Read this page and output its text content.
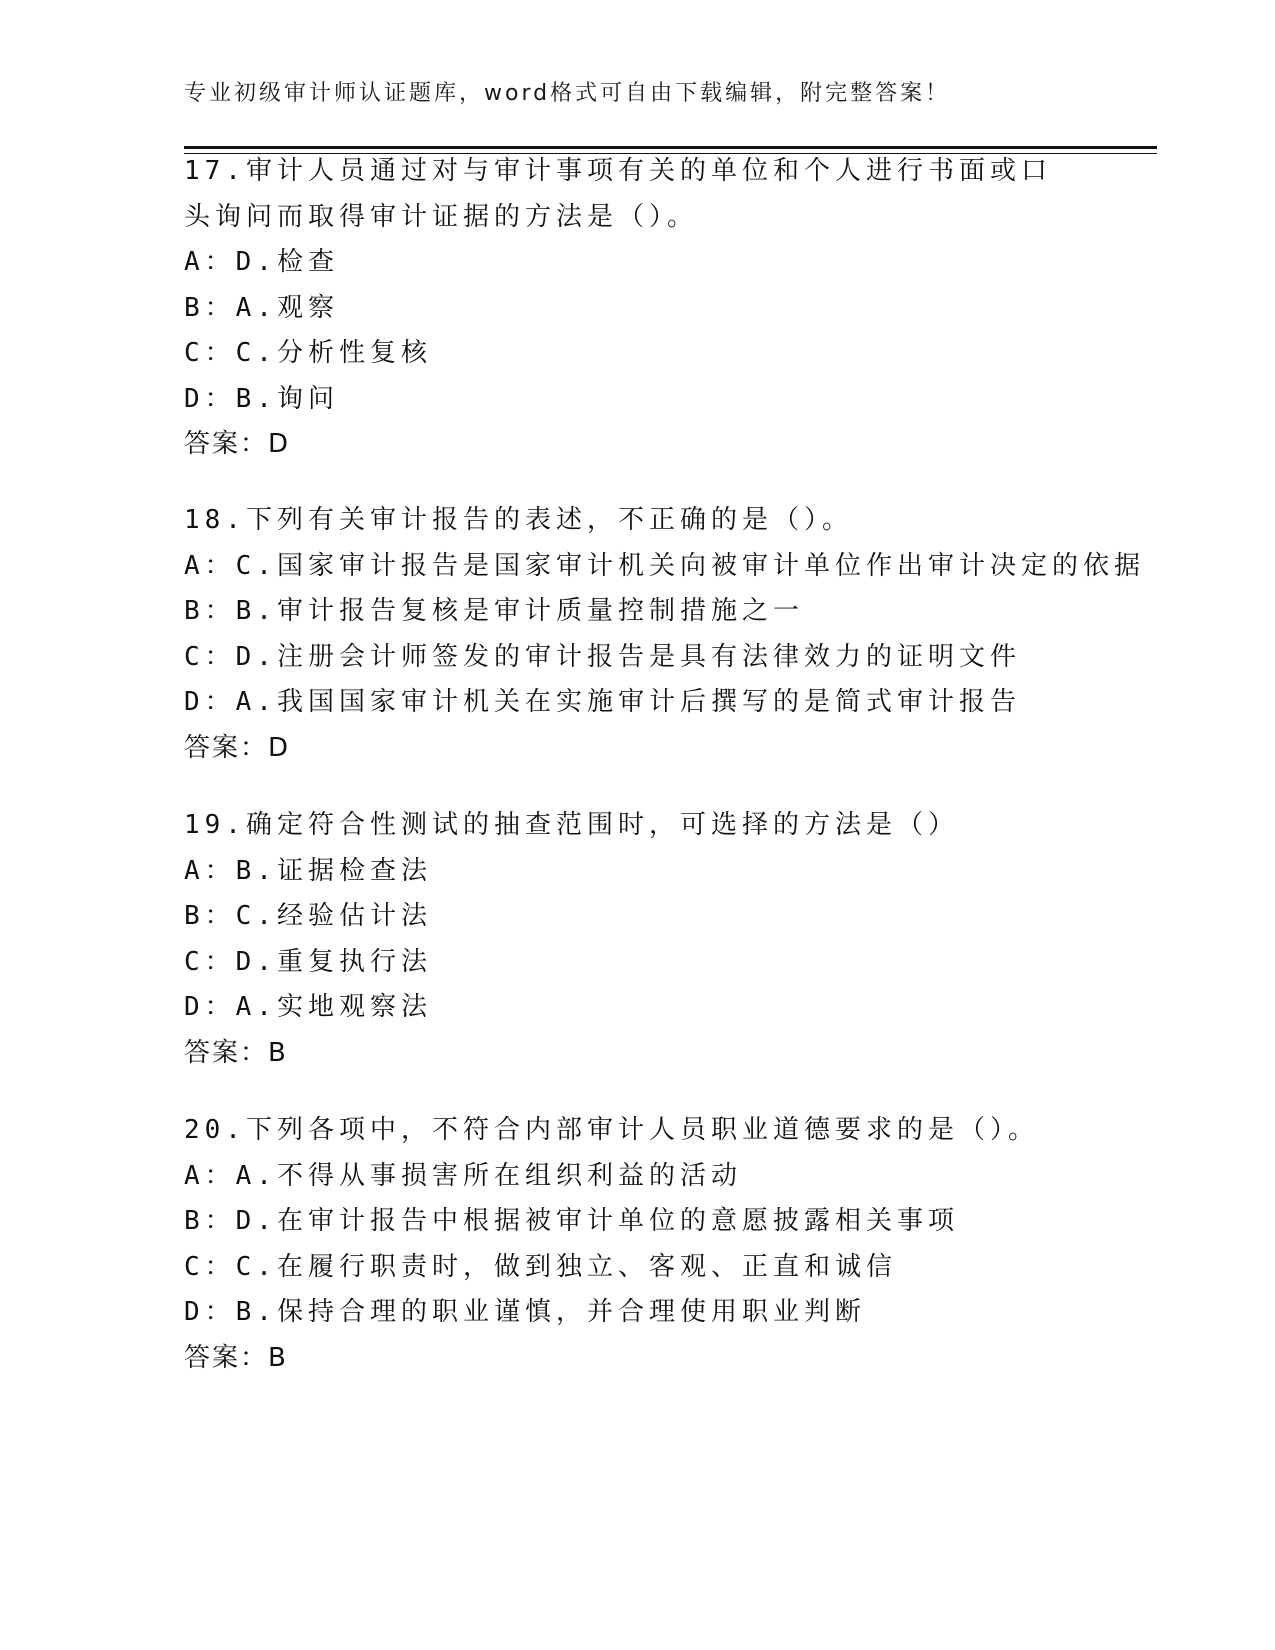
专业初级审计师认证题库，word格式可自由下载编辑，附完整答案！

17.审计人员通过对与审计事项有关的单位和个人进行书面或口头询问而取得审计证据的方法是（）。

A：D.检查

B：A.观察

C：C.分析性复核

D：B.询问

答案：D

18.下列有关审计报告的表述，不正确的是（）。

A：C.国家审计报告是国家审计机关向被审计单位作出审计决定的依据

B：B.审计报告复核是审计质量控制措施之一

C：D.注册会计师签发的审计报告是具有法律效力的证明文件

D：A.我国国家审计机关在实施审计后撰写的是简式审计报告

答案：D

19.确定符合性测试的抽查范围时，可选择的方法是（）

A：B.证据检查法

B：C.经验估计法

C：D.重复执行法

D：A.实地观察法

答案：B

20.下列各项中，不符合内部审计人员职业道德要求的是（）。

A：A.不得从事损害所在组织利益的活动

B：D.在审计报告中根据被审计单位的意愿披露相关事项

C：C.在履行职责时，做到独立、客观、正直和诚信

D：B.保持合理的职业谨慎，并合理使用职业判断

答案：B
